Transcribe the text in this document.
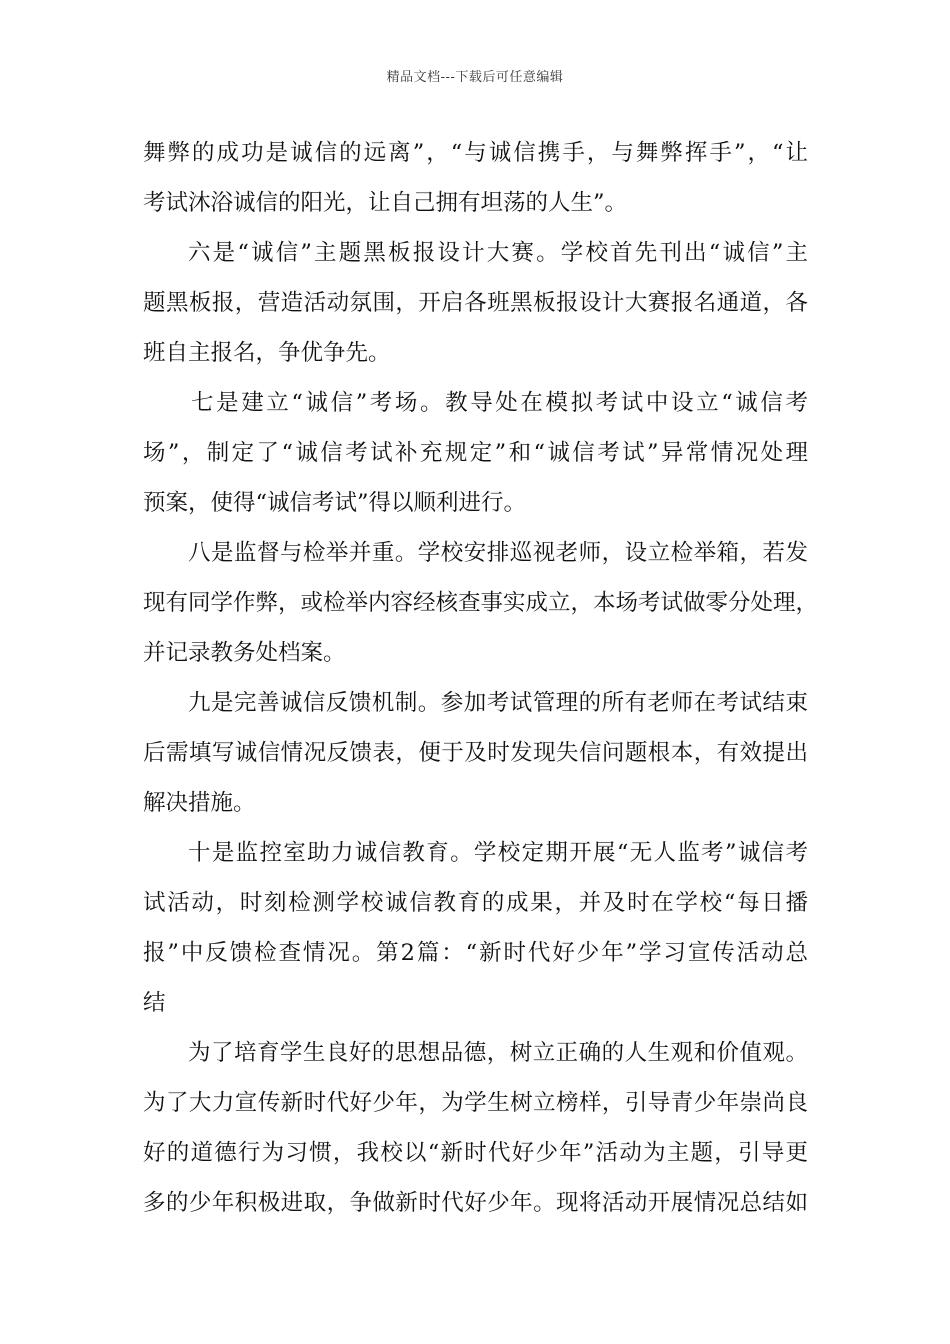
精品文档---下载后可任意编辑
舞弊的成功是诚信的远离”，“与诚信携手，与舞弊挥手”，“让
考试沐浴诚信的阳光，让自己拥有坦荡的人生”。
六是“诚信”主题黑板报设计大赛。学校首先刊出“诚信”主
题黑板报，营造活动氛围，开启各班黑板报设计大赛报名通道，各
班自主报名，争优争先。
七是建立“诚信”考场。教导处在模拟考试中设立“诚信考
场”，制定了“诚信考试补充规定”和“诚信考试”异常情况处理
预案，使得“诚信考试”得以顺利进行。
八是监督与检举并重。学校安排巡视老师，设立检举箱，若发
现有同学作弊，或检举内容经核查事实成立，本场考试做零分处理，
并记录教务处档案。
九是完善诚信反馈机制。参加考试管理的所有老师在考试结束
后需填写诚信情况反馈表，便于及时发现失信问题根本，有效提出
解决措施。
十是监控室助力诚信教育。学校定期开展“无人监考”诚信考
试活动，时刻检测学校诚信教育的成果，并及时在学校“每日播
报”中反馈检查情况。第2篇：“新时代好少年”学习宣传活动总
结
为了培育学生良好的思想品德，树立正确的人生观和价值观。
为了大力宣传新时代好少年，为学生树立榜样，引导青少年崇尚良
好的道德行为习惯，我校以“新时代好少年”活动为主题，引导更
多的少年积极进取，争做新时代好少年。现将活动开展情况总结如
